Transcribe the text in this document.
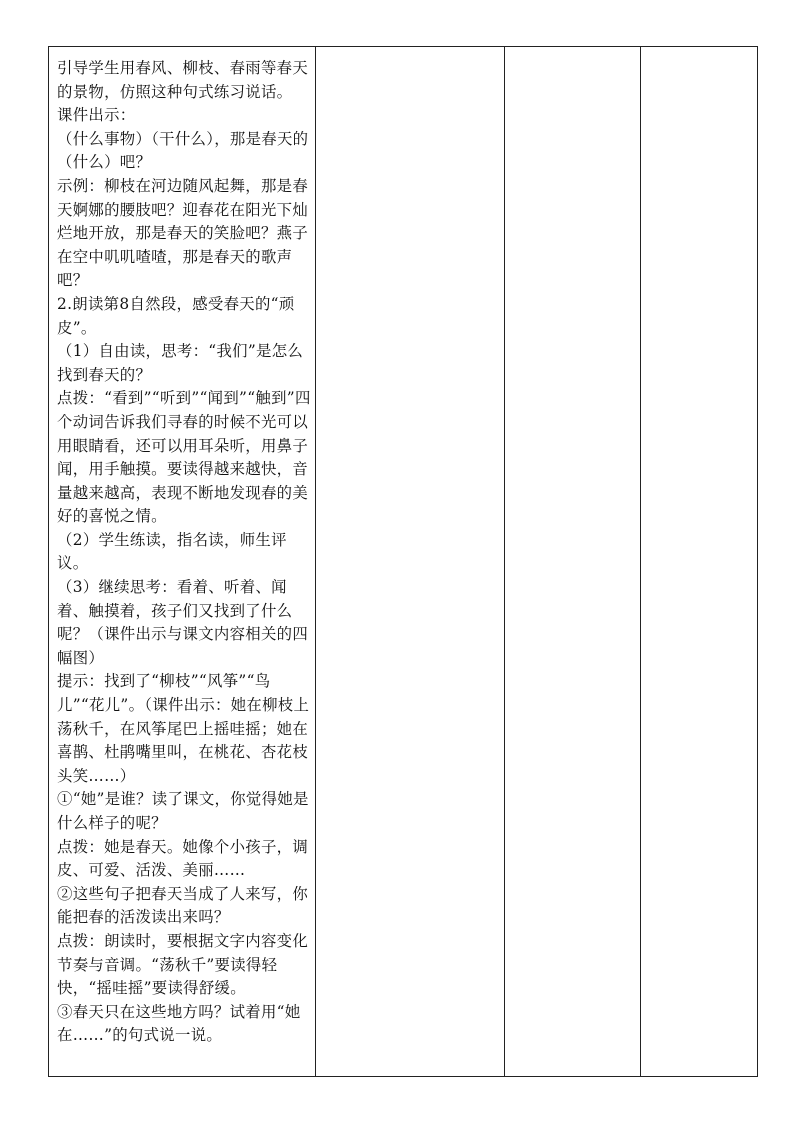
引导学生用春风、柳枝、春雨等春天的景物，仿照这种句式练习说话。

课件出示：

（什么事物）（干什么），那是春天的（什么）吧？

示例：柳枝在河边随风起舞，那是春天婀娜的腰肢吧？迎春花在阳光下灿烂地开放，那是春天的笑脸吧？燕子在空中叽叽喳喳，那是春天的歌声吧？

2.朗读第8自然段，感受春天的“顽皮”。

（1）自由读，思考：“我们”是怎么找到春天的？

点拨：“看到”“听到”“闻到”“触到”四个动词告诉我们寻春的时候不光可以用眼睛看，还可以用耳朵听，用鼻子闻，用手触摸。要读得越来越快，音量越来越高，表现不断地发现春的美好的喜悦之情。

（2）学生练读，指名读，师生评议。

（3）继续思考：看着、听着、闻着、触摸着，孩子们又找到了什么呢？（课件出示与课文内容相关的四幅图）

提示：找到了“柳枝”“风筝”“鸟儿”“花儿”。（课件出示：她在柳枝上荡秋千，在风筝尾巴上摇哇摇；她在喜鹊、杜鹃嘴里叫，在桃花、杏花枝头笑……）

①“她”是谁？读了课文，你觉得她是什么样子的呢？

点拨：她是春天。她像个小孩子，调皮、可爱、活泼、美丽……

②这些句子把春天当成了人来写，你能把春的活泼读出来吗？

点拨：朗读时，要根据文字内容变化节奏与音调。“荡秋千”要读得轻快，“摇哇摇”要读得舒缓。

③春天只在这些地方吗？试着用“她在……”的句式说一说。
